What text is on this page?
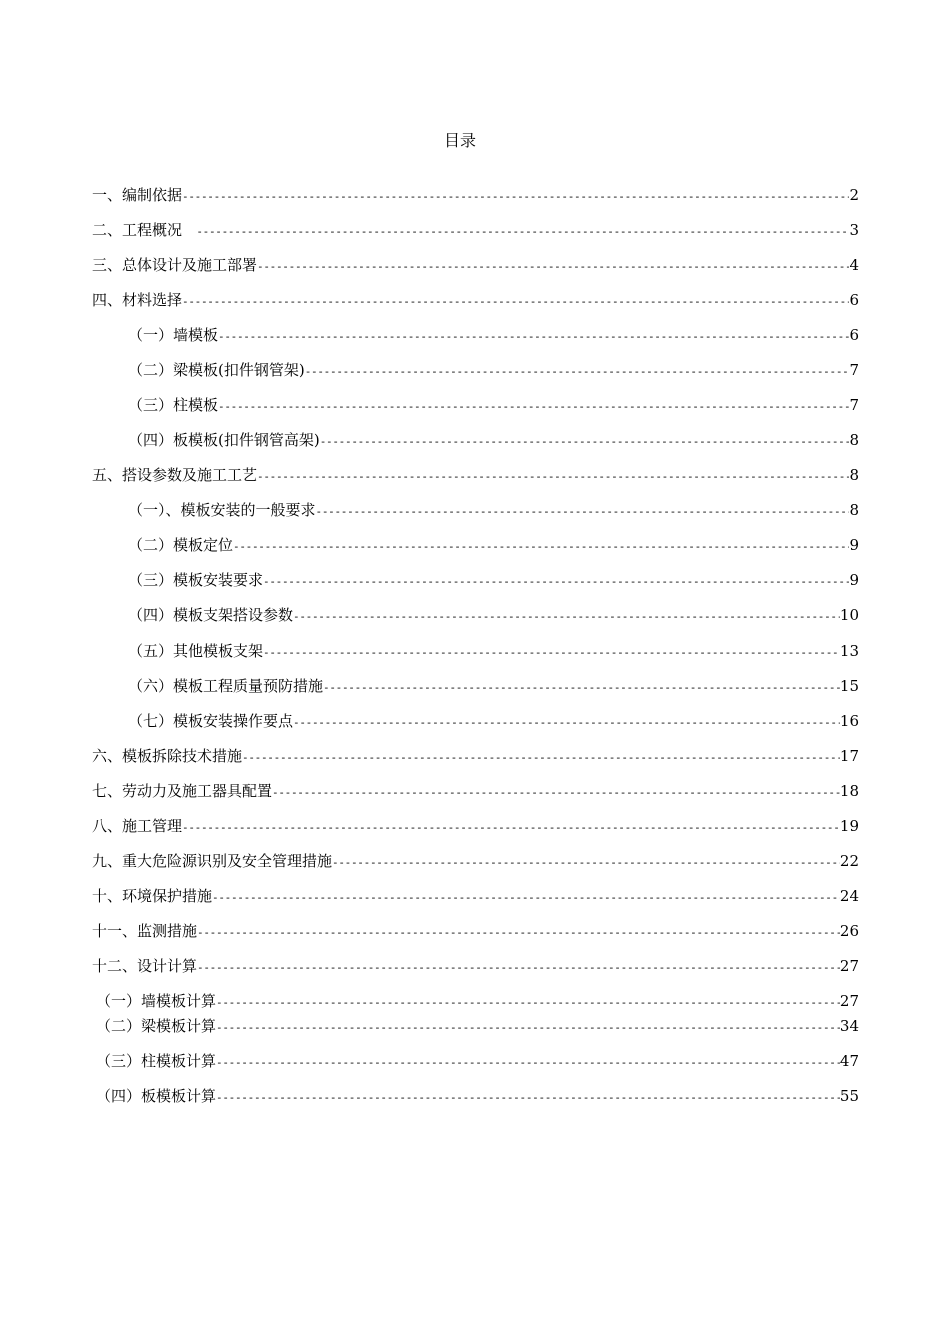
目录
一、编制依据 -----	2
二、工程概况 -----	3
三、总体设计及施工部署 -----	4
四、材料选择 -----	6
（一）墙模板 -----	6
（二）梁模板(扣件钢管架) -----	7
（三）柱模板 -----	7
（四）板模板(扣件钢管高架) -----	8
五、搭设参数及施工工艺 -----	8
（一）、模板安装的一般要求 -----	8
（二）模板定位 -----	9
（三）模板安装要求 -----	9
（四）模板支架搭设参数 -----	10
（五）其他模板支架 -----	13
（六）模板工程质量预防措施 -----	15
（七）模板安装操作要点 -----	16
六、模板拆除技术措施 -----	17
七、劳动力及施工器具配置 -----	18
八、施工管理 -----	19
九、重大危险源识别及安全管理措施 -----	22
十、环境保护措施 -----	24
十一、监测措施 -----	26
十二、设计计算 -----	27
（一）墙模板计算 -----	27
（二）梁模板计算 -----	34
（三）柱模板计算 -----	47
（四）板模板计算 -----	55
